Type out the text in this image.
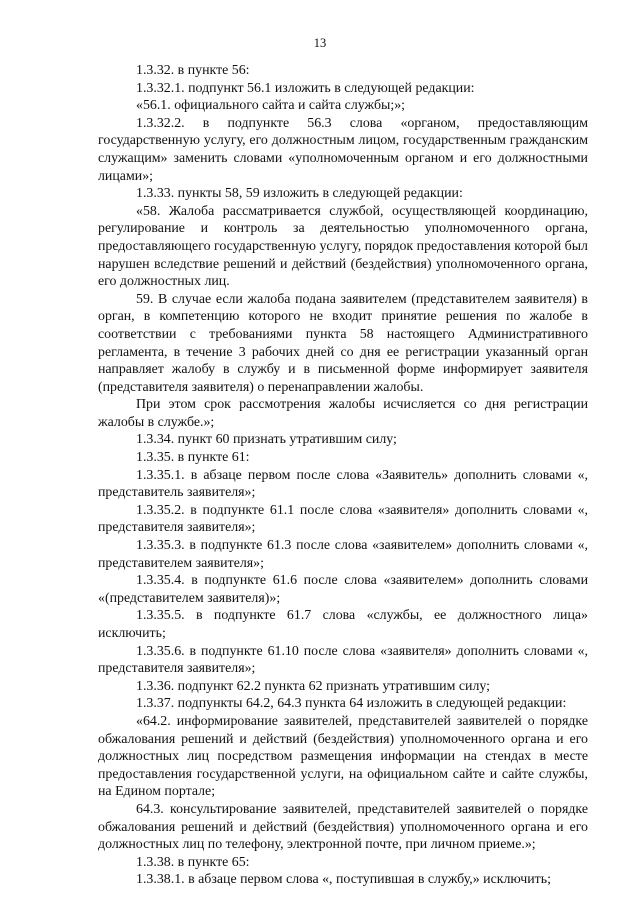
13

1.3.32. в пункте 56:

1.3.32.1. подпункт 56.1 изложить в следующей редакции:

«56.1. официального сайта и сайта службы;»;

1.3.32.2. в подпункте 56.3 слова «органом, предоставляющим государственную услугу, его должностным лицом, государственным гражданским служащим» заменить словами «уполномоченным органом и его должностными лицами»;

1.3.33. пункты 58, 59 изложить в следующей редакции:

«58. Жалоба рассматривается службой, осуществляющей координацию, регулирование и контроль за деятельностью уполномоченного органа, предоставляющего государственную услугу, порядок предоставления которой был нарушен вследствие решений и действий (бездействия) уполномоченного органа, его должностных лиц.

59. В случае если жалоба подана заявителем (представителем заявителя) в орган, в компетенцию которого не входит принятие решения по жалобе в соответствии с требованиями пункта 58 настоящего Административного регламента, в течение 3 рабочих дней со дня ее регистрации указанный орган направляет жалобу в службу и в письменной форме информирует заявителя (представителя заявителя) о перенаправлении жалобы.

При этом срок рассмотрения жалобы исчисляется со дня регистрации жалобы в службе.»;

1.3.34. пункт 60 признать утратившим силу;

1.3.35. в пункте 61:

1.3.35.1. в абзаце первом после слова «Заявитель» дополнить словами «, представитель заявителя»;

1.3.35.2. в подпункте 61.1 после слова «заявителя» дополнить словами «, представителя заявителя»;

1.3.35.3. в подпункте 61.3 после слова «заявителем» дополнить словами «, представителем заявителя»;

1.3.35.4. в подпункте 61.6 после слова «заявителем» дополнить словами «(представителем заявителя)»;

1.3.35.5. в подпункте 61.7 слова «службы, ее должностного лица» исключить;

1.3.35.6. в подпункте 61.10 после слова «заявителя» дополнить словами «, представителя заявителя»;

1.3.36. подпункт 62.2 пункта 62 признать утратившим силу;

1.3.37. подпункты 64.2, 64.3 пункта 64 изложить в следующей редакции:

«64.2. информирование заявителей, представителей заявителей о порядке обжалования решений и действий (бездействия) уполномоченного органа и его должностных лиц посредством размещения информации на стендах в месте предоставления государственной услуги, на официальном сайте и сайте службы, на Едином портале;

64.3. консультирование заявителей, представителей заявителей о порядке обжалования решений и действий (бездействия) уполномоченного органа и его должностных лиц по телефону, электронной почте, при личном приеме.»;

1.3.38. в пункте 65:

1.3.38.1. в абзаце первом слова «, поступившая в службу,» исключить;
